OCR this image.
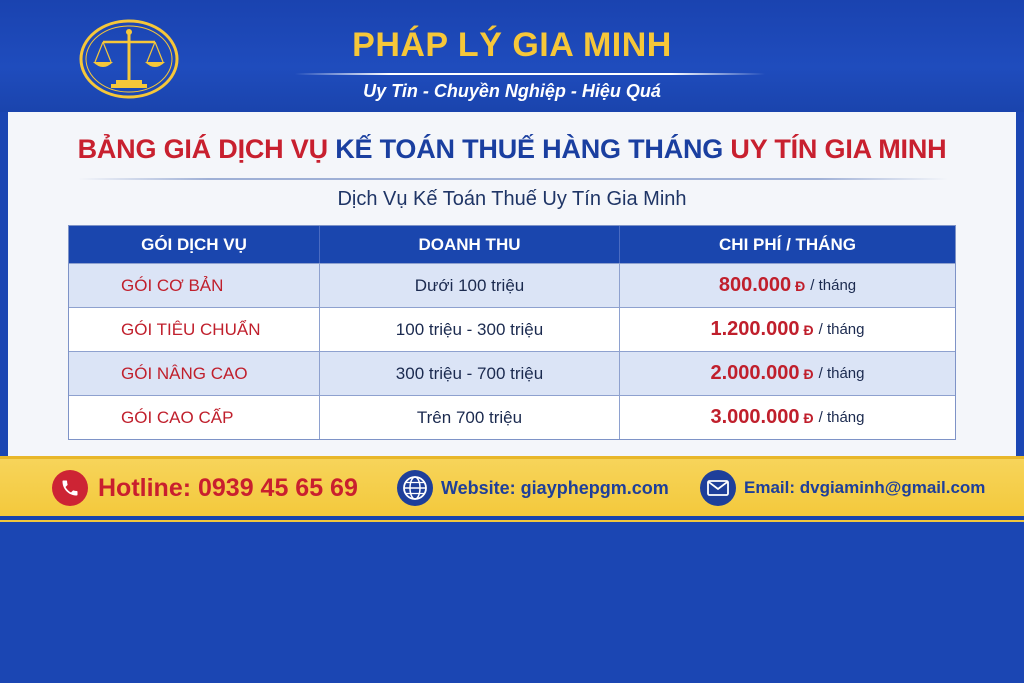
PHÁP LÝ GIA MINH
Uy Tin - Chuyền Nghiệp - Hiệu Quá
BẢNG GIÁ DỊCH VỤ KẾ TOÁN THUẾ HÀNG THÁNG UY TÍN GIA MINH
Dịch Vụ Kế Toán Thuế Uy Tín Gia Minh
GÓI DỊCH VỤ	DOANH THU	CHI PHÍ / THÁNG
GÓI CƠ BẢN	Dưới 100 triệu	800.000 Đ / tháng
GÓI TIÊU CHUẨN	100 triệu - 300 triệu	1.200.000 Đ / tháng
GÓI NÂNG CAO	300 triệu - 700 triệu	2.000.000 Đ / tháng
GÓI CAO CẤP	Trên 700 triệu	3.000.000 Đ / tháng
Hotline: 0939 45 65 69	Website: giayphepgm.com	Email: dvgiaminh@gmail.com
